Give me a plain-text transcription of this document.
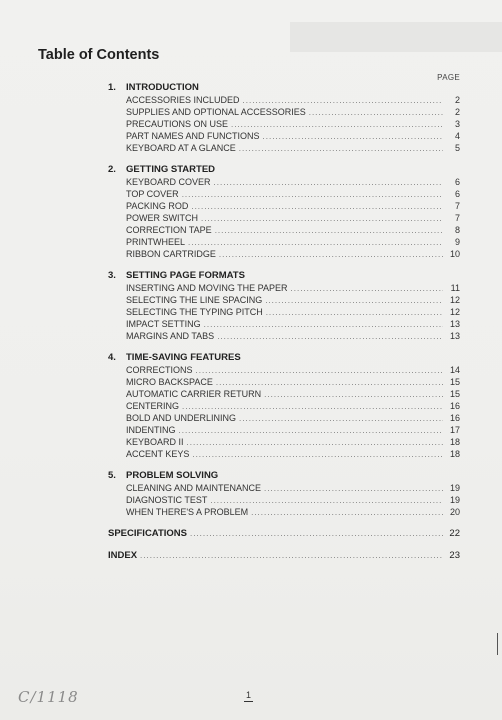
Table of Contents
PAGE
1.	INTRODUCTION
ACCESSORIES INCLUDED .....	2
SUPPLIES AND OPTIONAL ACCESSORIES .....	2
PRECAUTIONS ON USE .....	3
PART NAMES AND FUNCTIONS .....	4
KEYBOARD AT A GLANCE .....	5
2.	GETTING STARTED
KEYBOARD COVER .....	6
TOP COVER .....	6
PACKING ROD .....	7
POWER SWITCH .....	7
CORRECTION TAPE .....	8
PRINTWHEEL .....	9
RIBBON CARTRIDGE .....	10
3.	SETTING PAGE FORMATS
INSERTING AND MOVING THE PAPER .....	11
SELECTING THE LINE SPACING .....	12
SELECTING THE TYPING PITCH .....	12
IMPACT SETTING .....	13
MARGINS AND TABS .....	13
4.	TIME-SAVING FEATURES
CORRECTIONS .....	14
MICRO BACKSPACE .....	15
AUTOMATIC CARRIER RETURN .....	15
CENTERING .....	16
BOLD AND UNDERLINING .....	16
INDENTING .....	17
KEYBOARD II .....	18
ACCENT KEYS .....	18
5.	PROBLEM SOLVING
CLEANING AND MAINTENANCE .....	19
DIAGNOSTIC TEST .....	19
WHEN THERE'S A PROBLEM .....	20
SPECIFICATIONS .....	22
INDEX .....	23
C/1118	1
